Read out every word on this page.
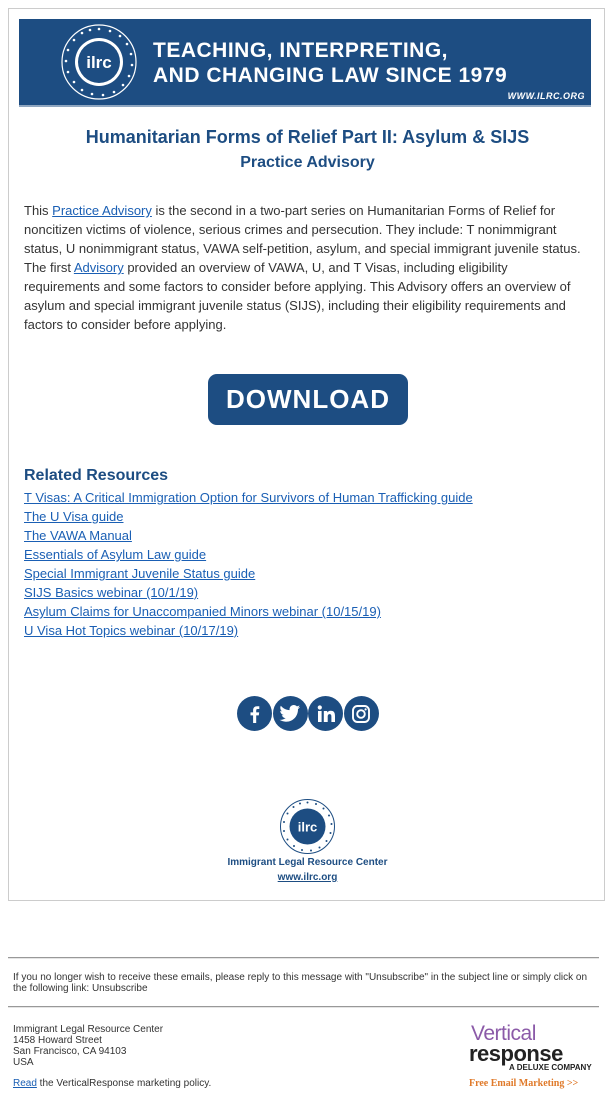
ilrc
TEACHING, INTERPRETING,
AND CHANGING LAW SINCE 1979
WWW.ILRC.ORG
Humanitarian Forms of Relief Part II: Asylum & SIJS
Practice Advisory

This Practice Advisory is the second in a two-part series on Humanitarian Forms of Relief for noncitizen victims of violence, serious crimes and persecution. They include: T nonimmigrant status, U nonimmigrant status, VAWA self-petition, asylum, and special immigrant juvenile status. The first Advisory provided an overview of VAWA, U, and T Visas, including eligibility requirements and some factors to consider before applying. This Advisory offers an overview of asylum and special immigrant juvenile status (SIJS), including their eligibility requirements and factors to consider before applying.

DOWNLOAD
Related Resources
T Visas: A Critical Immigration Option for Survivors of Human Trafficking guide
The U Visa guide
The VAWA Manual
Essentials of Asylum Law guide
Special Immigrant Juvenile Status guide
SIJS Basics webinar (10/1/19)
Asylum Claims for Unaccompanied Minors webinar (10/15/19)
U Visa Hot Topics webinar (10/17/19)
ilrc
Immigrant Legal Resource Center
www.ilrc.org
If you no longer wish to receive these emails, please reply to this message with "Unsubscribe" in the subject line or simply click on the following link: Unsubscribe
Immigrant Legal Resource Center
1458 Howard Street
San Francisco, CA 94103
USA
Read the VerticalResponse marketing policy.
Vertical
response
A DELUXE COMPANY
Free Email Marketing >>
